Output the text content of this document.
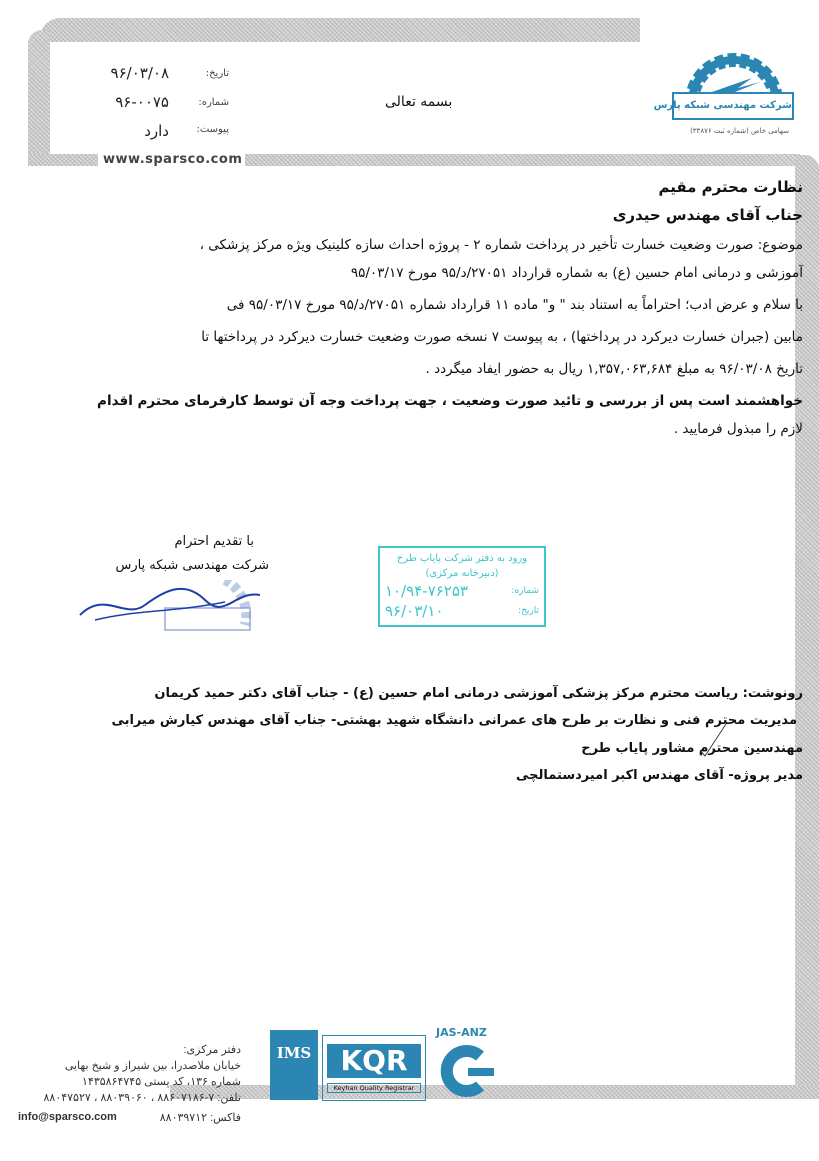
تاریخ:
۹۶/۰۳/۰۸
شماره:
۹۶-۰۰۷۵
پیوست:
دارد
www.sparsco.com
بسمه تعالی	شرکت مهندسی شبکه پارس
سهامی خاص (شماره ثبت ۳۳۸۷۶)
نظارت محترم مقیم
جناب آقای مهندس حیدری
موضوع: صورت وضعیت خسارت تأخیر در پرداخت شماره ۲ - پروژه احداث سازه کلینیک ویژه مرکز پزشکی ،
آموزشی و درمانی امام حسین (ع) به شماره قرارداد ۲۷۰۵۱/د/۹۵ مورخ ۹۵/۰۳/۱۷
با سلام و عرض ادب؛ احتراماً به استناد بند " و" ماده ۱۱ قرارداد شماره ۲۷۰۵۱/د/۹۵ مورخ ۹۵/۰۳/۱۷ فی
مابین (جبران خسارت دیرکرد در پرداختها) ، به پیوست ۷ نسخه صورت وضعیت خسارت دیرکرد در پرداختها تا
تاریخ ۹۶/۰۳/۰۸ به مبلغ ۱,۳۵۷,۰۶۳,۶۸۴ ریال به حضور ایفاد میگردد .
خواهشمند است پس از بررسی و تائید صورت وضعیت ، جهت پرداخت وجه آن توسط کارفرمای محترم اقدام
لازم را مبذول فرمایید .
با تقدیم احترام
شرکت مهندسی شبکه پارس	ورود به دفتر شرکت پایاب طرح
(دبیرخانه مرکزی)
شماره:
۱۰/۹۴-۷۶۲۵۳
تاریخ:
۹۶/۰۳/۱۰
رونوشت: ریاست محترم مرکز پزشکی آموزشی درمانی امام حسین (ع) - جناب آقای دکتر حمید کریمان
مدیریت محترم فنی و نظارت بر طرح های عمرانی دانشگاه شهید بهشتی- جناب آقای مهندس کیارش میرابی
مهندسین محترم مشاور پایاب طرح
مدیر پروژه- آقای مهندس اکبر امیردستمالچی
دفتر مرکزی:
خیابان ملاصدرا، بین شیراز و شیخ بهایی
شماره ۱۳۶، کد پستی ۱۴۳۵۸۶۴۷۴۵
تلفن: ۷-۸۸۶۰۷۱۸۶ ، ۸۸۰۳۹۰۶۰ ، ۸۸۰۴۷۵۲۷
فاکس: ۸۸۰۳۹۷۱۲
info@sparsco.com
IMS	KQR
Keyhan Quality Registrar
JAS-ANZ
